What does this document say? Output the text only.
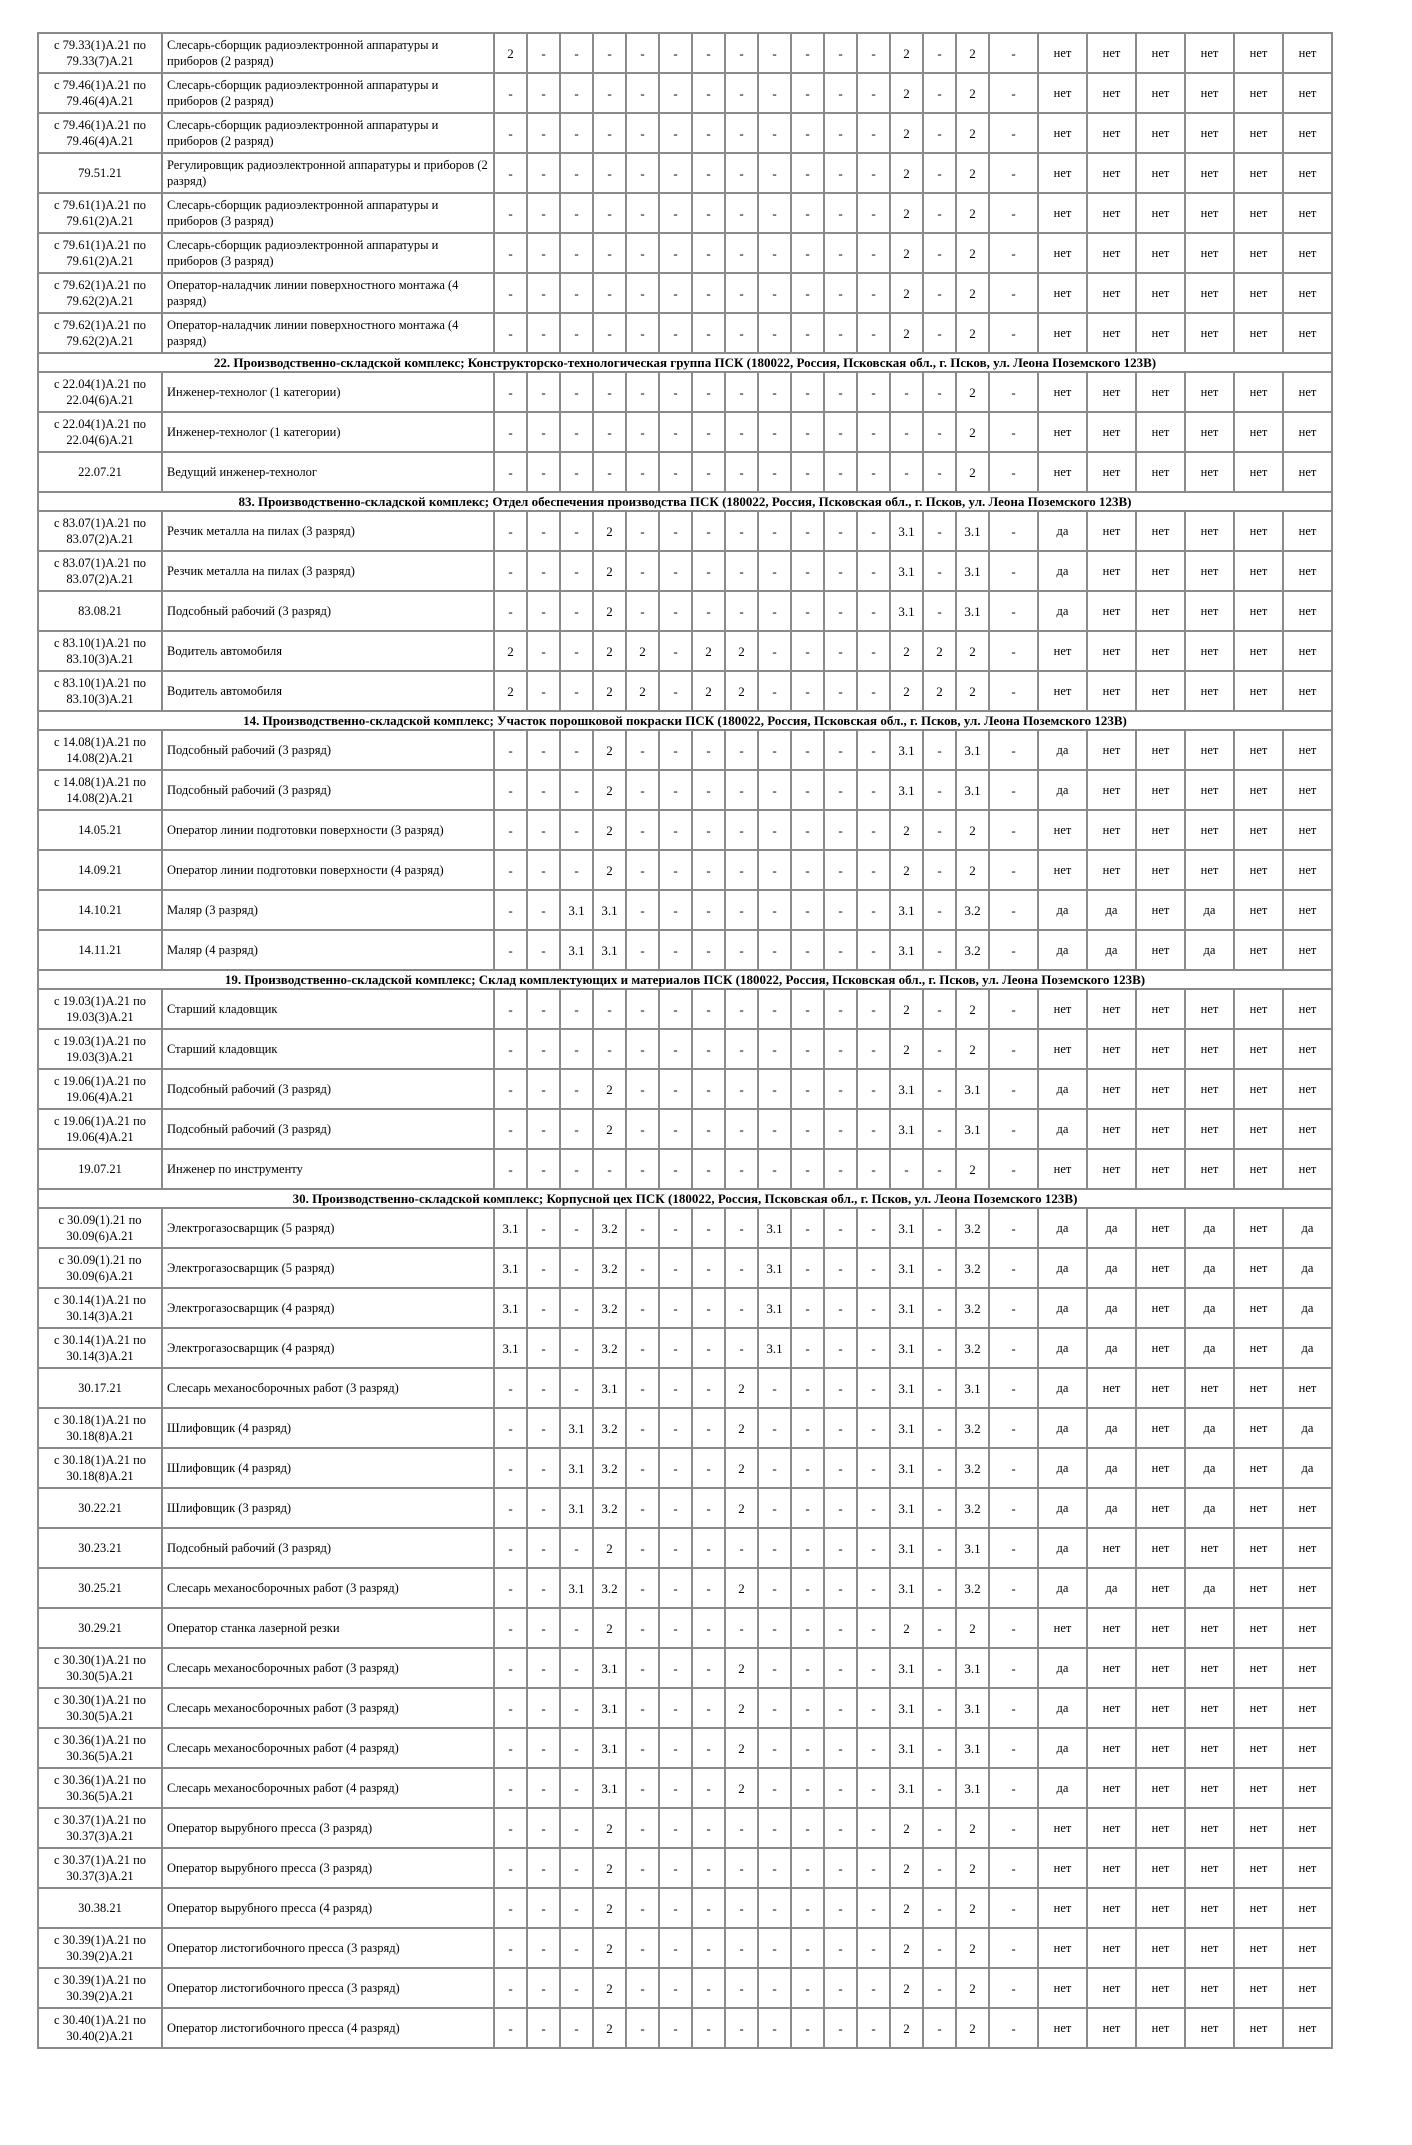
с 79.33(1)А.21 по 79.33(7)А.21	Слесарь-сборщик радиоэлектронной аппаратуры и приборов (2 разряд)	2	-	-	-	-	-	-	-	-	-	-	-	2	-	2	-	нет	нет	нет	нет	нет	нет
с 79.46(1)А.21 по 79.46(4)А.21	Слесарь-сборщик радиоэлектронной аппаратуры и приборов (2 разряд)	-	-	-	-	-	-	-	-	-	-	-	-	2	-	2	-	нет	нет	нет	нет	нет	нет
с 79.46(1)А.21 по 79.46(4)А.21	Слесарь-сборщик радиоэлектронной аппаратуры и приборов (2 разряд)	-	-	-	-	-	-	-	-	-	-	-	-	2	-	2	-	нет	нет	нет	нет	нет	нет
79.51.21	Регулировщик радиоэлектронной аппаратуры и приборов (2 разряд)	-	-	-	-	-	-	-	-	-	-	-	-	2	-	2	-	нет	нет	нет	нет	нет	нет
с 79.61(1)А.21 по 79.61(2)А.21	Слесарь-сборщик радиоэлектронной аппаратуры и приборов (3 разряд)	-	-	-	-	-	-	-	-	-	-	-	-	2	-	2	-	нет	нет	нет	нет	нет	нет
с 79.61(1)А.21 по 79.61(2)А.21	Слесарь-сборщик радиоэлектронной аппаратуры и приборов (3 разряд)	-	-	-	-	-	-	-	-	-	-	-	-	2	-	2	-	нет	нет	нет	нет	нет	нет
с 79.62(1)А.21 по 79.62(2)А.21	Оператор-наладчик линии поверхностного монтажа (4 разряд)	-	-	-	-	-	-	-	-	-	-	-	-	2	-	2	-	нет	нет	нет	нет	нет	нет
с 79.62(1)А.21 по 79.62(2)А.21	Оператор-наладчик линии поверхностного монтажа (4 разряд)	-	-	-	-	-	-	-	-	-	-	-	-	2	-	2	-	нет	нет	нет	нет	нет	нет
22. Производственно-складской комплекс; Конструкторско-технологическая группа ПСК (180022, Россия, Псковская обл., г. Псков, ул. Леона Поземского 123В)																							
с 22.04(1)А.21 по 22.04(6)А.21	Инженер-технолог (1 категории)	-	-	-	-	-	-	-	-	-	-	-	-	-	-	2	-	нет	нет	нет	нет	нет	нет
с 22.04(1)А.21 по 22.04(6)А.21	Инженер-технолог (1 категории)	-	-	-	-	-	-	-	-	-	-	-	-	-	-	2	-	нет	нет	нет	нет	нет	нет
22.07.21	Ведущий инженер-технолог	-	-	-	-	-	-	-	-	-	-	-	-	-	-	2	-	нет	нет	нет	нет	нет	нет
83. Производственно-складской комплекс; Отдел обеспечения производства ПСК (180022, Россия, Псковская обл., г. Псков, ул. Леона Поземского 123В)																							
с 83.07(1)А.21 по 83.07(2)А.21	Резчик металла на пилах (3 разряд)	-	-	-	2	-	-	-	-	-	-	-	-	3.1	-	3.1	-	да	нет	нет	нет	нет	нет
с 83.07(1)А.21 по 83.07(2)А.21	Резчик металла на пилах (3 разряд)	-	-	-	2	-	-	-	-	-	-	-	-	3.1	-	3.1	-	да	нет	нет	нет	нет	нет
83.08.21	Подсобный рабочий (3 разряд)	-	-	-	2	-	-	-	-	-	-	-	-	3.1	-	3.1	-	да	нет	нет	нет	нет	нет
с 83.10(1)А.21 по 83.10(3)А.21	Водитель автомобиля	2	-	-	2	2	-	2	2	-	-	-	-	2	2	2	-	нет	нет	нет	нет	нет	нет
с 83.10(1)А.21 по 83.10(3)А.21	Водитель автомобиля	2	-	-	2	2	-	2	2	-	-	-	-	2	2	2	-	нет	нет	нет	нет	нет	нет
14. Производственно-складской комплекс; Участок порошковой покраски ПСК (180022, Россия, Псковская обл., г. Псков, ул. Леона Поземского 123В)																							
с 14.08(1)А.21 по 14.08(2)А.21	Подсобный рабочий (3 разряд)	-	-	-	2	-	-	-	-	-	-	-	-	3.1	-	3.1	-	да	нет	нет	нет	нет	нет
с 14.08(1)А.21 по 14.08(2)А.21	Подсобный рабочий (3 разряд)	-	-	-	2	-	-	-	-	-	-	-	-	3.1	-	3.1	-	да	нет	нет	нет	нет	нет
14.05.21	Оператор линии подготовки поверхности (3 разряд)	-	-	-	2	-	-	-	-	-	-	-	-	2	-	2	-	нет	нет	нет	нет	нет	нет
14.09.21	Оператор линии подготовки поверхности (4 разряд)	-	-	-	2	-	-	-	-	-	-	-	-	2	-	2	-	нет	нет	нет	нет	нет	нет
14.10.21	Маляр (3 разряд)	-	-	3.1	3.1	-	-	-	-	-	-	-	-	3.1	-	3.2	-	да	да	нет	да	нет	нет
14.11.21	Маляр (4 разряд)	-	-	3.1	3.1	-	-	-	-	-	-	-	-	3.1	-	3.2	-	да	да	нет	да	нет	нет
19. Производственно-складской комплекс; Склад комплектующих и материалов ПСК (180022, Россия, Псковская обл., г. Псков, ул. Леона Поземского 123В)																							
с 19.03(1)А.21 по 19.03(3)А.21	Старший кладовщик	-	-	-	-	-	-	-	-	-	-	-	-	2	-	2	-	нет	нет	нет	нет	нет	нет
с 19.03(1)А.21 по 19.03(3)А.21	Старший кладовщик	-	-	-	-	-	-	-	-	-	-	-	-	2	-	2	-	нет	нет	нет	нет	нет	нет
с 19.06(1)А.21 по 19.06(4)А.21	Подсобный рабочий (3 разряд)	-	-	-	2	-	-	-	-	-	-	-	-	3.1	-	3.1	-	да	нет	нет	нет	нет	нет
с 19.06(1)А.21 по 19.06(4)А.21	Подсобный рабочий (3 разряд)	-	-	-	2	-	-	-	-	-	-	-	-	3.1	-	3.1	-	да	нет	нет	нет	нет	нет
19.07.21	Инженер по инструменту	-	-	-	-	-	-	-	-	-	-	-	-	-	-	2	-	нет	нет	нет	нет	нет	нет
30. Производственно-складской комплекс; Корпусной цех ПСК (180022, Россия, Псковская обл., г. Псков, ул. Леона Поземского 123В)																							
с 30.09(1).21 по 30.09(6)А.21	Электрогазосварщик (5 разряд)	3.1	-	-	3.2	-	-	-	-	3.1	-	-	-	3.1	-	3.2	-	да	да	нет	да	нет	да
с 30.09(1).21 по 30.09(6)А.21	Электрогазосварщик (5 разряд)	3.1	-	-	3.2	-	-	-	-	3.1	-	-	-	3.1	-	3.2	-	да	да	нет	да	нет	да
с 30.14(1)А.21 по 30.14(3)А.21	Электрогазосварщик (4 разряд)	3.1	-	-	3.2	-	-	-	-	3.1	-	-	-	3.1	-	3.2	-	да	да	нет	да	нет	да
с 30.14(1)А.21 по 30.14(3)А.21	Электрогазосварщик (4 разряд)	3.1	-	-	3.2	-	-	-	-	3.1	-	-	-	3.1	-	3.2	-	да	да	нет	да	нет	да
30.17.21	Слесарь механосборочных работ (3 разряд)	-	-	-	3.1	-	-	-	2	-	-	-	-	3.1	-	3.1	-	да	нет	нет	нет	нет	нет
с 30.18(1)А.21 по 30.18(8)А.21	Шлифовщик (4 разряд)	-	-	3.1	3.2	-	-	-	2	-	-	-	-	3.1	-	3.2	-	да	да	нет	да	нет	да
с 30.18(1)А.21 по 30.18(8)А.21	Шлифовщик (4 разряд)	-	-	3.1	3.2	-	-	-	2	-	-	-	-	3.1	-	3.2	-	да	да	нет	да	нет	да
30.22.21	Шлифовщик (3 разряд)	-	-	3.1	3.2	-	-	-	2	-	-	-	-	3.1	-	3.2	-	да	да	нет	да	нет	нет
30.23.21	Подсобный рабочий (3 разряд)	-	-	-	2	-	-	-	-	-	-	-	-	3.1	-	3.1	-	да	нет	нет	нет	нет	нет
30.25.21	Слесарь механосборочных работ (3 разряд)	-	-	3.1	3.2	-	-	-	2	-	-	-	-	3.1	-	3.2	-	да	да	нет	да	нет	нет
30.29.21	Оператор станка лазерной резки	-	-	-	2	-	-	-	-	-	-	-	-	2	-	2	-	нет	нет	нет	нет	нет	нет
с 30.30(1)А.21 по 30.30(5)А.21	Слесарь механосборочных работ (3 разряд)	-	-	-	3.1	-	-	-	2	-	-	-	-	3.1	-	3.1	-	да	нет	нет	нет	нет	нет
с 30.30(1)А.21 по 30.30(5)А.21	Слесарь механосборочных работ (3 разряд)	-	-	-	3.1	-	-	-	2	-	-	-	-	3.1	-	3.1	-	да	нет	нет	нет	нет	нет
с 30.36(1)А.21 по 30.36(5)А.21	Слесарь механосборочных работ (4 разряд)	-	-	-	3.1	-	-	-	2	-	-	-	-	3.1	-	3.1	-	да	нет	нет	нет	нет	нет
с 30.36(1)А.21 по 30.36(5)А.21	Слесарь механосборочных работ (4 разряд)	-	-	-	3.1	-	-	-	2	-	-	-	-	3.1	-	3.1	-	да	нет	нет	нет	нет	нет
с 30.37(1)А.21 по 30.37(3)А.21	Оператор вырубного пресса (3 разряд)	-	-	-	2	-	-	-	-	-	-	-	-	2	-	2	-	нет	нет	нет	нет	нет	нет
с 30.37(1)А.21 по 30.37(3)А.21	Оператор вырубного пресса (3 разряд)	-	-	-	2	-	-	-	-	-	-	-	-	2	-	2	-	нет	нет	нет	нет	нет	нет
30.38.21	Оператор вырубного пресса (4 разряд)	-	-	-	2	-	-	-	-	-	-	-	-	2	-	2	-	нет	нет	нет	нет	нет	нет
с 30.39(1)А.21 по 30.39(2)А.21	Оператор листогибочного пресса (3 разряд)	-	-	-	2	-	-	-	-	-	-	-	-	2	-	2	-	нет	нет	нет	нет	нет	нет
с 30.39(1)А.21 по 30.39(2)А.21	Оператор листогибочного пресса (3 разряд)	-	-	-	2	-	-	-	-	-	-	-	-	2	-	2	-	нет	нет	нет	нет	нет	нет
с 30.40(1)А.21 по 30.40(2)А.21	Оператор листогибочного пресса (4 разряд)	-	-	-	2	-	-	-	-	-	-	-	-	2	-	2	-	нет	нет	нет	нет	нет	нет
